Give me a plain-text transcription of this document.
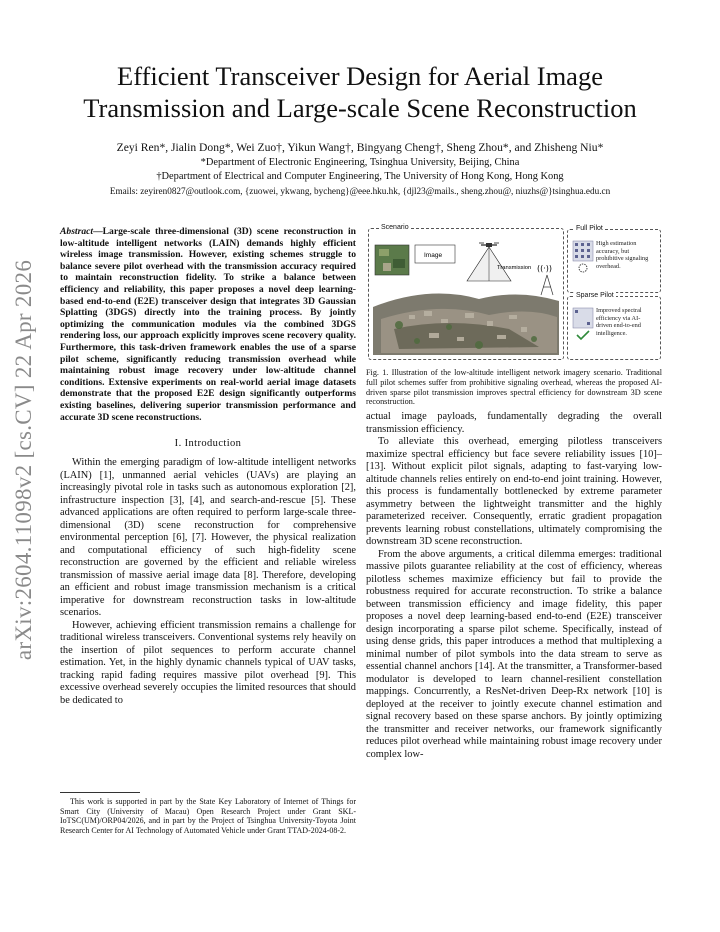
arXiv:2604.11098v2 [cs.CV] 22 Apr 2026
Efficient Transceiver Design for Aerial Image Transmission and Large-scale Scene Reconstruction
Zeyi Ren*, Jialin Dong*, Wei Zuo†, Yikun Wang†, Bingyang Cheng†, Sheng Zhou*, and Zhisheng Niu*
*Department of Electronic Engineering, Tsinghua University, Beijing, China
†Department of Electrical and Computer Engineering, The University of Hong Kong, Hong Kong
Emails: zeyiren0827@outlook.com, {zuowei, ykwang, bycheng}@eee.hku.hk, {djl23@mails., sheng.zhou@, niuzhs@}tsinghua.edu.cn

Abstract—Large-scale three-dimensional (3D) scene reconstruction in low-altitude intelligent networks (LAIN) demands highly efficient wireless image transmission. However, existing schemes struggle to balance severe pilot overhead with the transmission accuracy required to maintain reconstruction fidelity. To strike a balance between efficiency and reliability, this paper proposes a novel deep learning-based end-to-end (E2E) transceiver design that integrates 3D Gaussian Splatting (3DGS) directly into the training process. By jointly optimizing the communication modules via the combined 3DGS rendering loss, our approach explicitly improves scene recovery quality. Furthermore, this task-driven framework enables the use of a sparse pilot scheme, significantly reducing transmission overhead while maintaining robust image recovery under low-altitude channel conditions. Extensive experiments on real-world aerial image datasets demonstrate that the proposed E2E design significantly outperforms existing baselines, delivering superior transmission performance and accurate 3D scene reconstructions.

I. Introduction

Within the emerging paradigm of low-altitude intelligent networks (LAIN) [1], unmanned aerial vehicles (UAVs) are playing an increasingly pivotal role in tasks such as autonomous exploration [2], infrastructure inspection [3], [4], and search-and-rescue [5]. These advanced applications are often required to perform large-scale three-dimensional (3D) scene reconstruction for comprehensive environmental perception [6], [7]. However, the physical realization and computational efficiency of such high-fidelity scene reconstruction are governed by the efficient and reliable wireless transmission of massive aerial image data [8]. Therefore, developing an efficient and robust image transmission mechanism is a critical imperative for downstream reconstruction tasks in low-altitude scenarios.

However, achieving efficient transmission remains a challenge for traditional wireless transceivers. Conventional systems rely heavily on the insertion of pilot sequences to perform accurate channel estimation. Yet, in the highly dynamic channels typical of UAV tasks, tracking rapid fading requires massive pilot overhead [9]. This excessive overhead severely occupies the limited resources that should be dedicated to

This work is supported in part by the State Key Laboratory of Internet of Things for Smart City (University of Macau) Open Research Project under Grant SKL-IoTSC(UM)/ORP04/2026, and in part by the Project of Tsinghua University-Toyota Joint Research Center for AI Technology of Automated Vehicle under Grant TTAD-2024-08-2.
Scenario
Image
Transmission ((·))
Full Pilot
High estimation accuracy, but prohibitive signaling overhead.
Sparse Pilot
Improved spectral efficiency via AI-driven end-to-end intelligence.

Fig. 1. Illustration of the low-altitude intelligent network imagery scenario. Traditional full pilot schemes suffer from prohibitive signaling overhead, whereas the proposed AI-driven sparse pilot transmission improves spectral efficiency for downstream 3D scene reconstruction.

actual image payloads, fundamentally degrading the overall transmission efficiency.

To alleviate this overhead, emerging pilotless transceivers maximize spectral efficiency but face severe reliability issues [10]–[13]. Without explicit pilot signals, adapting to fast-varying low-altitude channels relies entirely on end-to-end joint training. However, this process is fundamentally bottlenecked by extreme parameter asymmetry between the lightweight transmitter and the highly parameterized receiver. Consequently, erratic gradient propagation prevents learning robust constellations, ultimately compromising the downstream 3D scene reconstruction.

From the above arguments, a critical dilemma emerges: traditional massive pilots guarantee reliability at the cost of efficiency, whereas pilotless schemes maximize efficiency but fail to provide the robustness required for accurate reconstruction. To strike a balance between transmission efficiency and image fidelity, this paper proposes a novel deep learning-based end-to-end (E2E) transceiver design incorporating a sparse pilot scheme. Specifically, instead of using dense grids, this paper introduces a method that multiplexing a minimal number of pilot symbols into the data stream to serve as essential channel anchors [14]. At the transmitter, a Transformer-based modulator is developed to learn channel-resilient constellation mappings. Concurrently, a ResNet-driven Deep-Rx network [10] is deployed at the receiver to jointly execute channel estimation and signal recovery based on these sparse anchors. By jointly optimizing the transmitter and receiver networks, our framework significantly reduces pilot overhead while maintaining robust image recovery under complex low-
